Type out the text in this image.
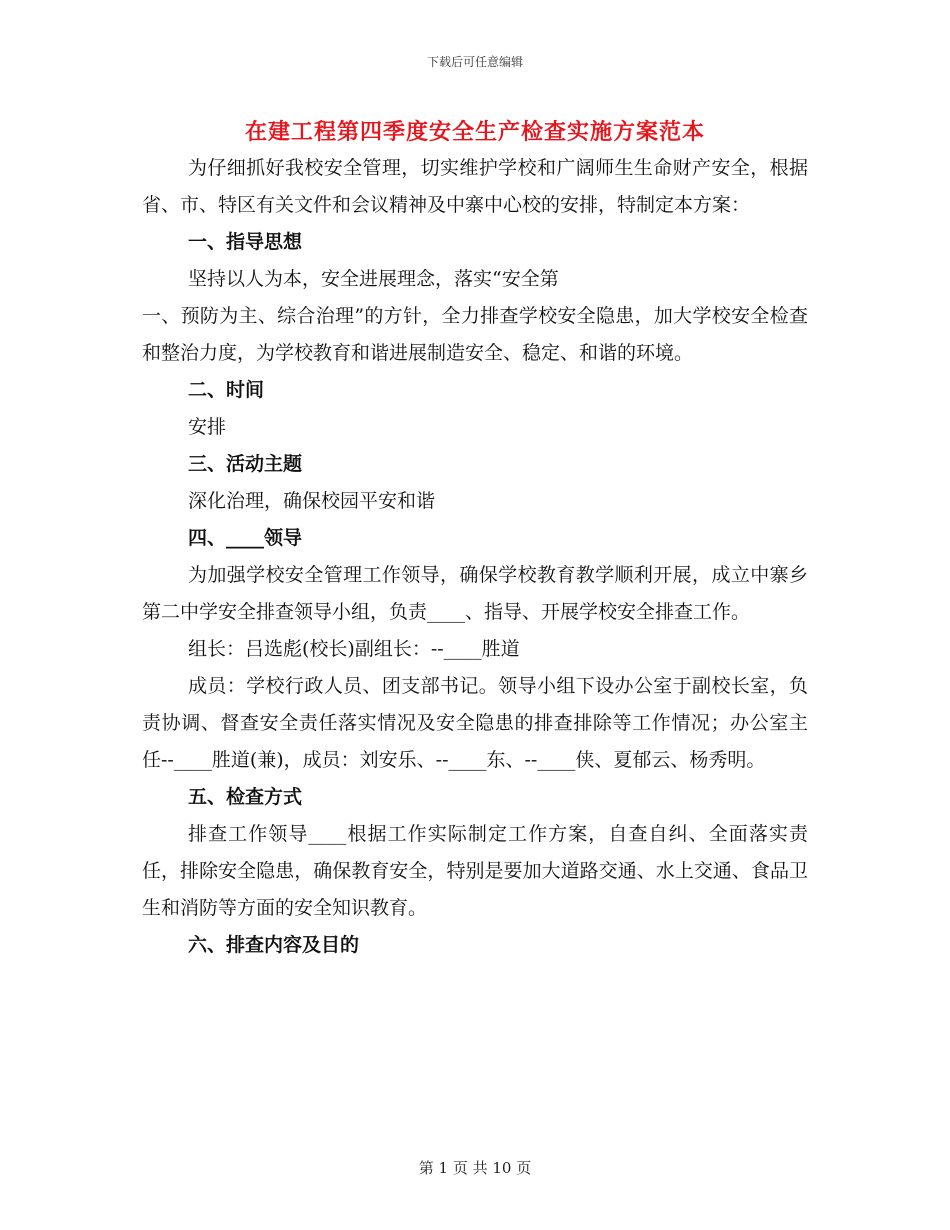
下载后可任意编辑
在建工程第四季度安全生产检查实施方案范本

为仔细抓好我校安全管理，切实维护学校和广阔师生生命财产安全，根据省、市、特区有关文件和会议精神及中寨中心校的安排，特制定本方案：

一、指导思想

坚持以人为本，安全进展理念，落实“安全第

一、预防为主、综合治理”的方针，全力排查学校安全隐患，加大学校安全检查和整治力度，为学校教育和谐进展制造安全、稳定、和谐的环境。

二、时间

安排

三、活动主题

深化治理，确保校园平安和谐

四、____领导

为加强学校安全管理工作领导，确保学校教育教学顺利开展，成立中寨乡第二中学安全排查领导小组，负责____、指导、开展学校安全排查工作。

组长：吕选彪(校长)副组长：--____胜道

成员：学校行政人员、团支部书记。领导小组下设办公室于副校长室，负责协调、督查安全责任落实情况及安全隐患的排查排除等工作情况；办公室主任--____胜道(兼)，成员：刘安乐、--____东、--____侠、夏郁云、杨秀明。

五、检查方式

排查工作领导____根据工作实际制定工作方案，自查自纠、全面落实责任，排除安全隐患，确保教育安全，特别是要加大道路交通、水上交通、食品卫生和消防等方面的安全知识教育。

六、排查内容及目的

第 1 页 共 10 页
